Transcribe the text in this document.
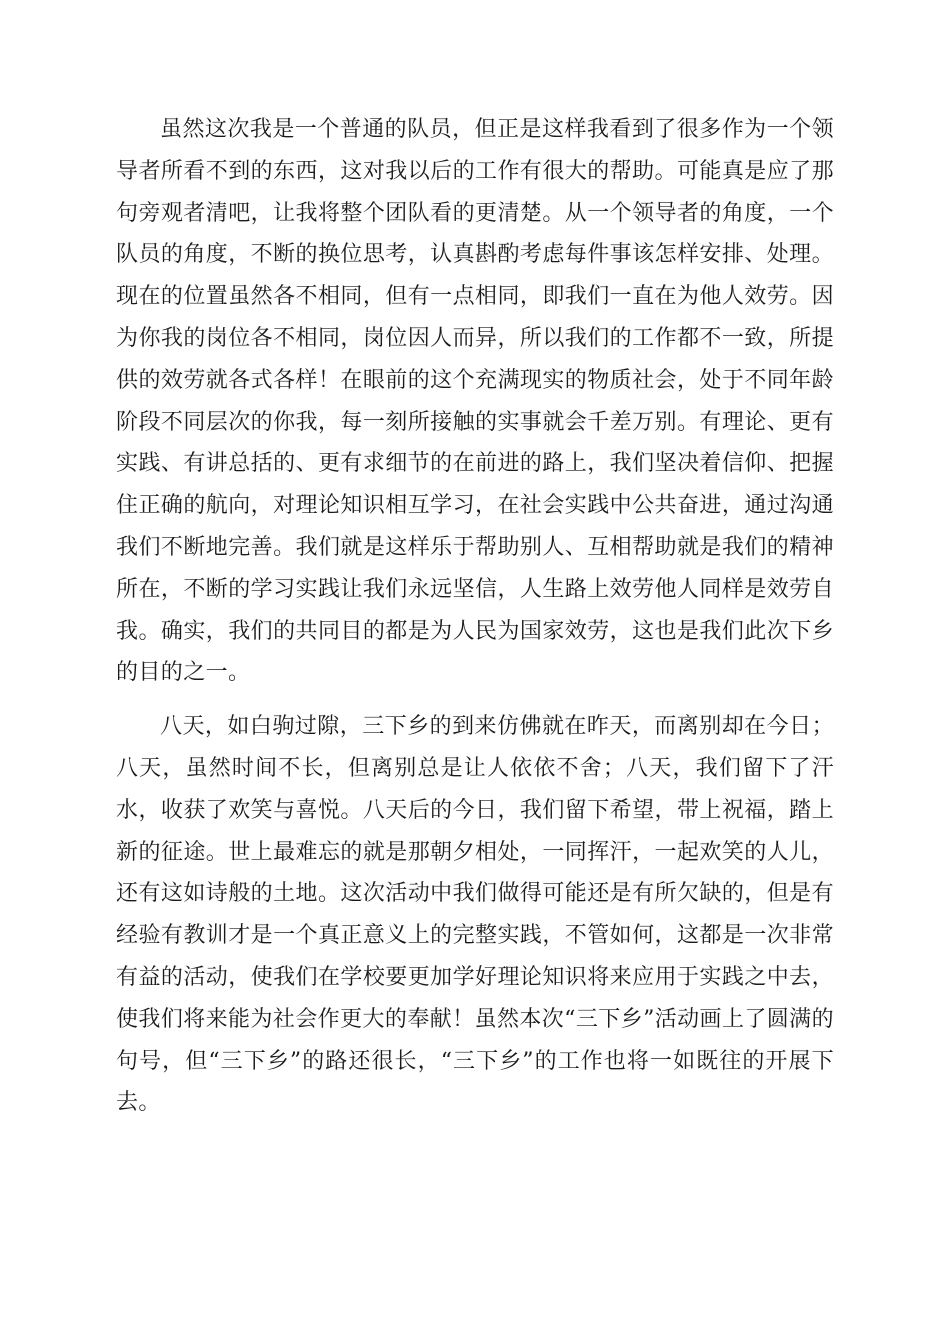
虽然这次我是一个普通的队员，但正是这样我看到了很多作为一个领导者所看不到的东西，这对我以后的工作有很大的帮助。可能真是应了那句旁观者清吧，让我将整个团队看的更清楚。从一个领导者的角度，一个队员的角度，不断的换位思考，认真斟酌考虑每件事该怎样安排、处理。现在的位置虽然各不相同，但有一点相同，即我们一直在为他人效劳。因为你我的岗位各不相同，岗位因人而异，所以我们的工作都不一致，所提供的效劳就各式各样！在眼前的这个充满现实的物质社会，处于不同年龄阶段不同层次的你我，每一刻所接触的实事就会千差万别。有理论、更有实践、有讲总括的、更有求细节的在前进的路上，我们坚决着信仰、把握住正确的航向，对理论知识相互学习，在社会实践中公共奋进，通过沟通我们不断地完善。我们就是这样乐于帮助别人、互相帮助就是我们的精神所在，不断的学习实践让我们永远坚信，人生路上效劳他人同样是效劳自我。确实，我们的共同目的都是为人民为国家效劳，这也是我们此次下乡的目的之一。

八天，如白驹过隙，三下乡的到来仿佛就在昨天，而离别却在今日；八天，虽然时间不长，但离别总是让人依依不舍；八天，我们留下了汗水，收获了欢笑与喜悦。八天后的今日，我们留下希望，带上祝福，踏上新的征途。世上最难忘的就是那朝夕相处，一同挥汗，一起欢笑的人儿，还有这如诗般的土地。这次活动中我们做得可能还是有所欠缺的，但是有经验有教训才是一个真正意义上的完整实践，不管如何，这都是一次非常有益的活动，使我们在学校要更加学好理论知识将来应用于实践之中去，使我们将来能为社会作更大的奉献！虽然本次“三下乡”活动画上了圆满的句号，但“三下乡”的路还很长，“三下乡”的工作也将一如既往的开展下去。
